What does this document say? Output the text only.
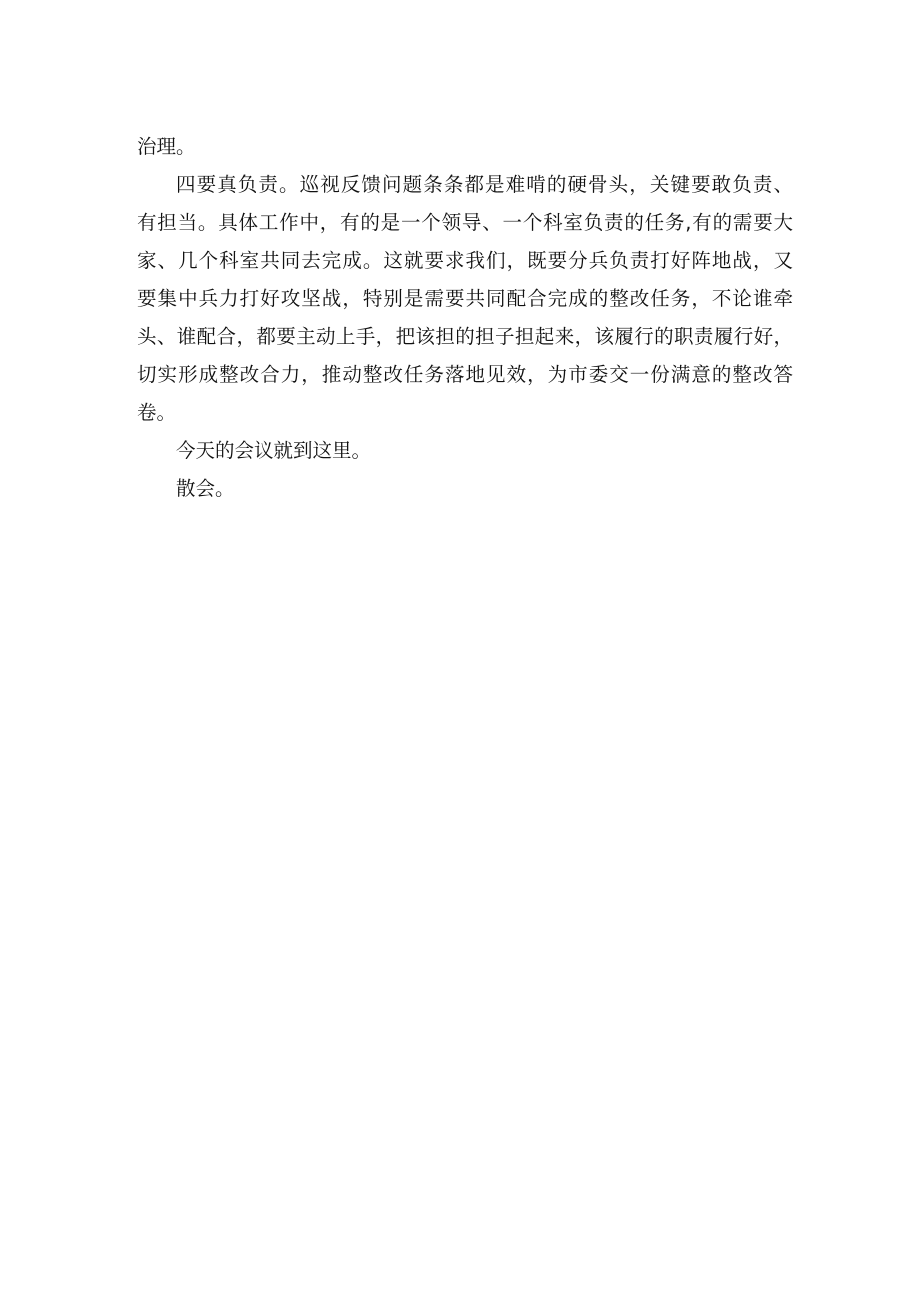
治理。
四要真负责。巡视反馈问题条条都是难啃的硬骨头，关键要敢负责、
有担当。具体工作中，有的是一个领导、一个科室负责的任务,有的需要大
家、几个科室共同去完成。这就要求我们，既要分兵负责打好阵地战，又
要集中兵力打好攻坚战，特别是需要共同配合完成的整改任务，不论谁牵
头、谁配合，都要主动上手，把该担的担子担起来，该履行的职责履行好，
切实形成整改合力，推动整改任务落地见效，为市委交一份满意的整改答
卷。
今天的会议就到这里。
散会。
